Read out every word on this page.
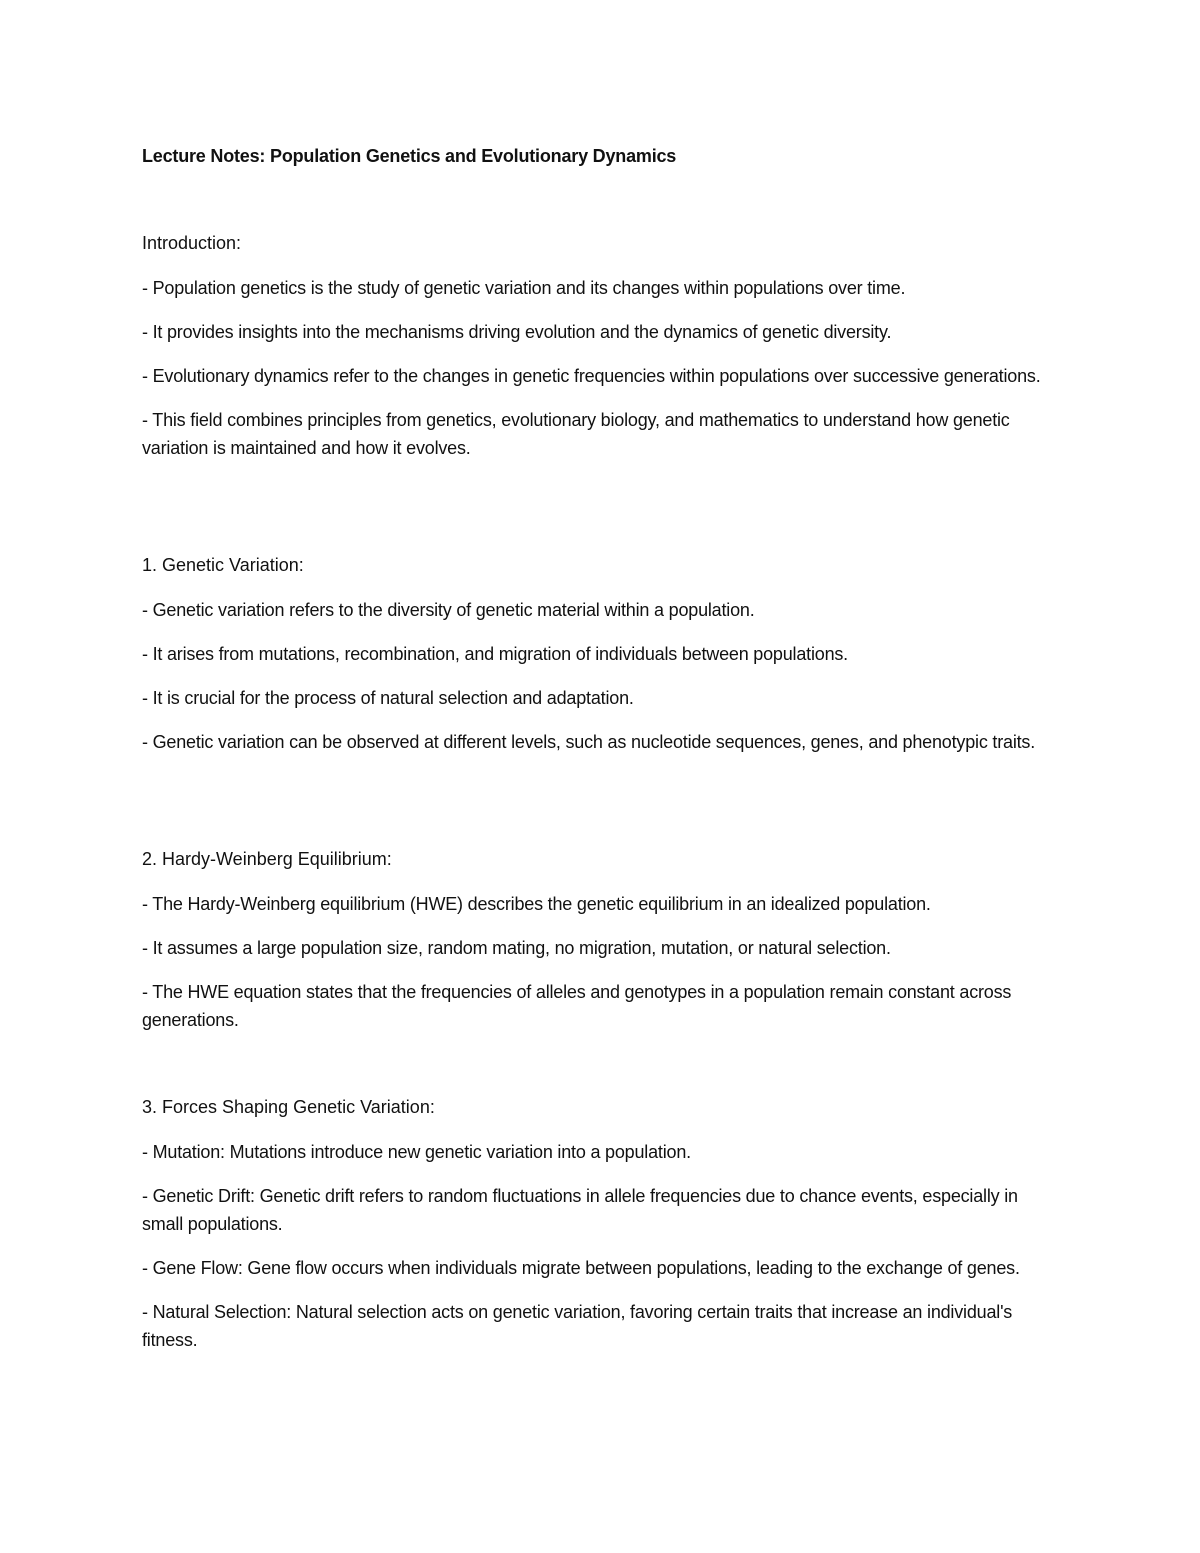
Lecture Notes: Population Genetics and Evolutionary Dynamics
Introduction:
- Population genetics is the study of genetic variation and its changes within populations over time.
- It provides insights into the mechanisms driving evolution and the dynamics of genetic diversity.
- Evolutionary dynamics refer to the changes in genetic frequencies within populations over successive generations.
- This field combines principles from genetics, evolutionary biology, and mathematics to understand how genetic variation is maintained and how it evolves.
1. Genetic Variation:
- Genetic variation refers to the diversity of genetic material within a population.
- It arises from mutations, recombination, and migration of individuals between populations.
- It is crucial for the process of natural selection and adaptation.
- Genetic variation can be observed at different levels, such as nucleotide sequences, genes, and phenotypic traits.
2. Hardy-Weinberg Equilibrium:
- The Hardy-Weinberg equilibrium (HWE) describes the genetic equilibrium in an idealized population.
- It assumes a large population size, random mating, no migration, mutation, or natural selection.
- The HWE equation states that the frequencies of alleles and genotypes in a population remain constant across generations.
3. Forces Shaping Genetic Variation:
- Mutation: Mutations introduce new genetic variation into a population.
- Genetic Drift: Genetic drift refers to random fluctuations in allele frequencies due to chance events, especially in small populations.
- Gene Flow: Gene flow occurs when individuals migrate between populations, leading to the exchange of genes.
- Natural Selection: Natural selection acts on genetic variation, favoring certain traits that increase an individual's fitness.
